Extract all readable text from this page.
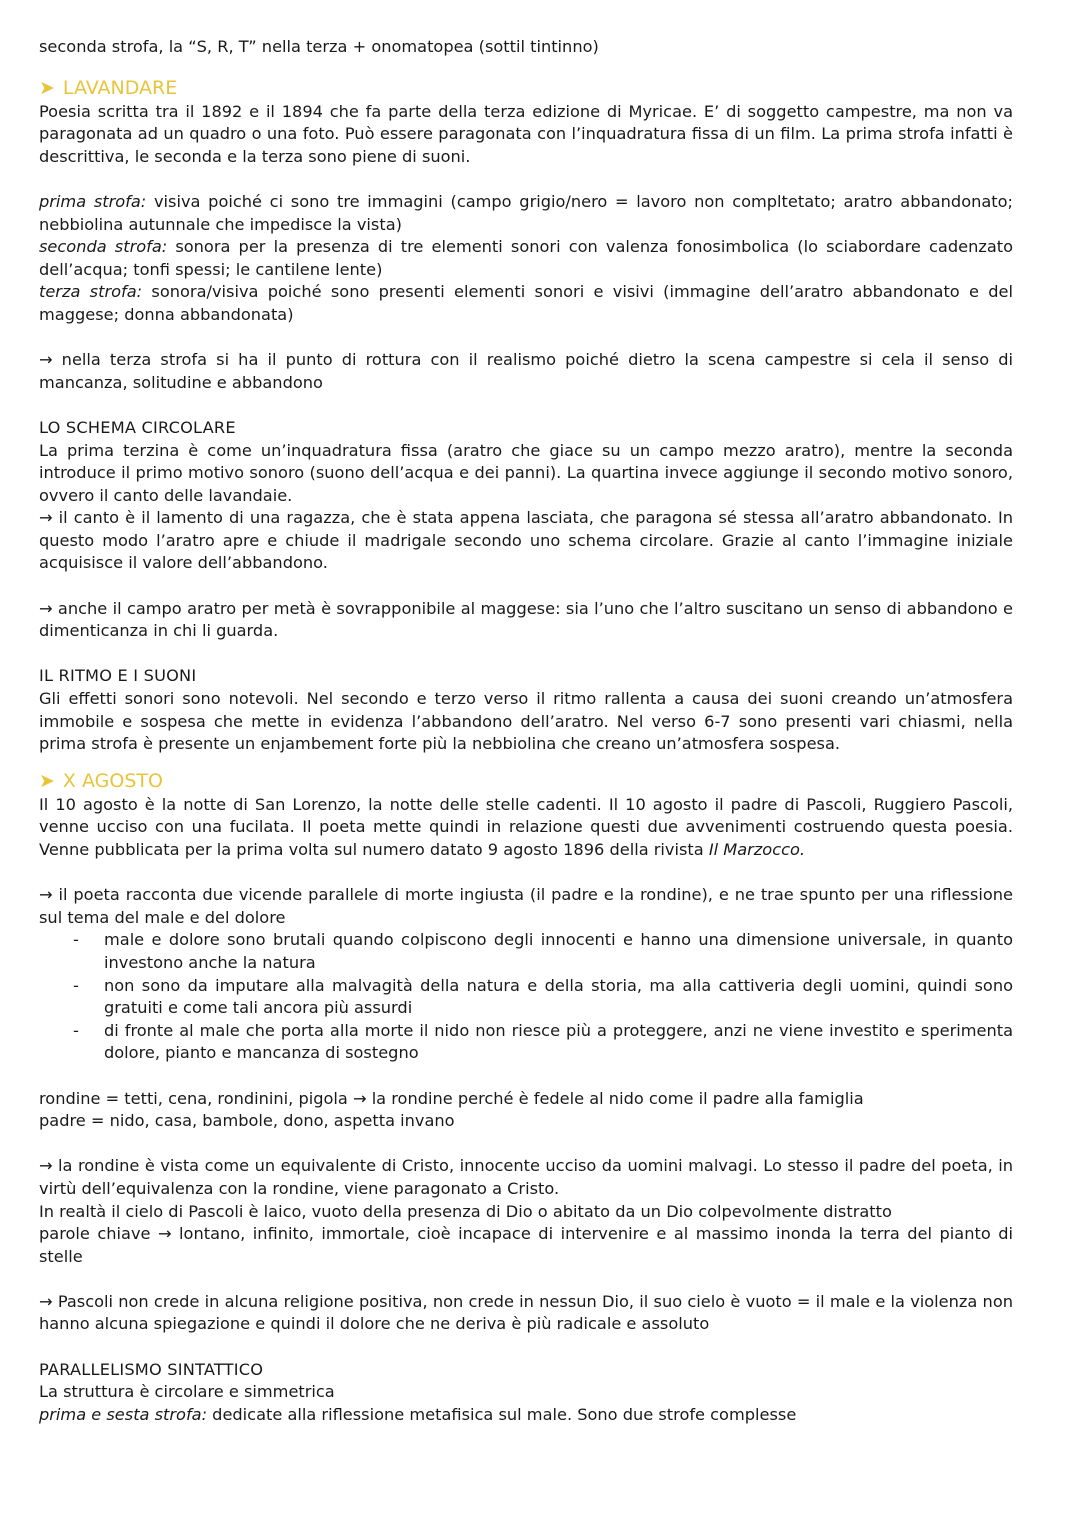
seconda strofa, la “S, R, T” nella terza + onomatopea (sottil tintinno)

➤ LAVANDARE

Poesia scritta tra il 1892 e il 1894 che fa parte della terza edizione di Myricae. E’ di soggetto campestre, ma non va paragonata ad un quadro o una foto. Può essere paragonata con l’inquadratura fissa di un film. La prima strofa infatti è descrittiva, le seconda e la terza sono piene di suoni.

prima strofa: visiva poiché ci sono tre immagini (campo grigio/nero = lavoro non compltetato; aratro abbandonato; nebbiolina autunnale che impedisce la vista)

seconda strofa: sonora per la presenza di tre elementi sonori con valenza fonosimbolica (lo sciabordare cadenzato dell’acqua; tonfi spessi; le cantilene lente)

terza strofa: sonora/visiva poiché sono presenti elementi sonori e visivi (immagine dell’aratro abbandonato e del maggese; donna abbandonata)

→ nella terza strofa si ha il punto di rottura con il realismo poiché dietro la scena campestre si cela il senso di mancanza, solitudine e abbandono

LO SCHEMA CIRCOLARE

La prima terzina è come un’inquadratura fissa (aratro che giace su un campo mezzo aratro), mentre la seconda introduce il primo motivo sonoro (suono dell’acqua e dei panni). La quartina invece aggiunge il secondo motivo sonoro, ovvero il canto delle lavandaie.

→ il canto è il lamento di una ragazza, che è stata appena lasciata, che paragona sé stessa all’aratro abbandonato. In questo modo l’aratro apre e chiude il madrigale secondo uno schema circolare. Grazie al canto l’immagine iniziale acquisisce il valore dell’abbandono.

→ anche il campo aratro per metà è sovrapponibile al maggese: sia l’uno che l’altro suscitano un senso di abbandono e dimenticanza in chi li guarda.

IL RITMO E I SUONI

Gli effetti sonori sono notevoli. Nel secondo e terzo verso il ritmo rallenta a causa dei suoni creando un’atmosfera immobile e sospesa che mette in evidenza l’abbandono dell’aratro. Nel verso 6-7 sono presenti vari chiasmi, nella prima strofa è presente un enjambement forte più la nebbiolina che creano un’atmosfera sospesa.

➤ X AGOSTO

Il 10 agosto è la notte di San Lorenzo, la notte delle stelle cadenti. Il 10 agosto il padre di Pascoli, Ruggiero Pascoli, venne ucciso con una fucilata. Il poeta mette quindi in relazione questi due avvenimenti costruendo questa poesia. Venne pubblicata per la prima volta sul numero datato 9 agosto 1896 della rivista Il Marzocco.

→ il poeta racconta due vicende parallele di morte ingiusta (il padre e la rondine), e ne trae spunto per una riflessione sul tema del male e del dolore

- male e dolore sono brutali quando colpiscono degli innocenti e hanno una dimensione universale, in quanto investono anche la natura
- non sono da imputare alla malvagità della natura e della storia, ma alla cattiveria degli uomini, quindi sono gratuiti e come tali ancora più assurdi
- di fronte al male che porta alla morte il nido non riesce più a proteggere, anzi ne viene investito e sperimenta dolore, pianto e mancanza di sostegno

rondine = tetti, cena, rondinini, pigola → la rondine perché è fedele al nido come il padre alla famiglia

padre = nido, casa, bambole, dono, aspetta invano

→ la rondine è vista come un equivalente di Cristo, innocente ucciso da uomini malvagi. Lo stesso il padre del poeta, in virtù dell’equivalenza con la rondine, viene paragonato a Cristo.

In realtà il cielo di Pascoli è laico, vuoto della presenza di Dio o abitato da un Dio colpevolmente distratto

parole chiave → lontano, infinito, immortale, cioè incapace di intervenire e al massimo inonda la terra del pianto di stelle

→ Pascoli non crede in alcuna religione positiva, non crede in nessun Dio, il suo cielo è vuoto = il male e la violenza non hanno alcuna spiegazione e quindi il dolore che ne deriva è più radicale e assoluto

PARALLELISMO SINTATTICO

La struttura è circolare e simmetrica

prima e sesta strofa: dedicate alla riflessione metafisica sul male. Sono due strofe complesse
